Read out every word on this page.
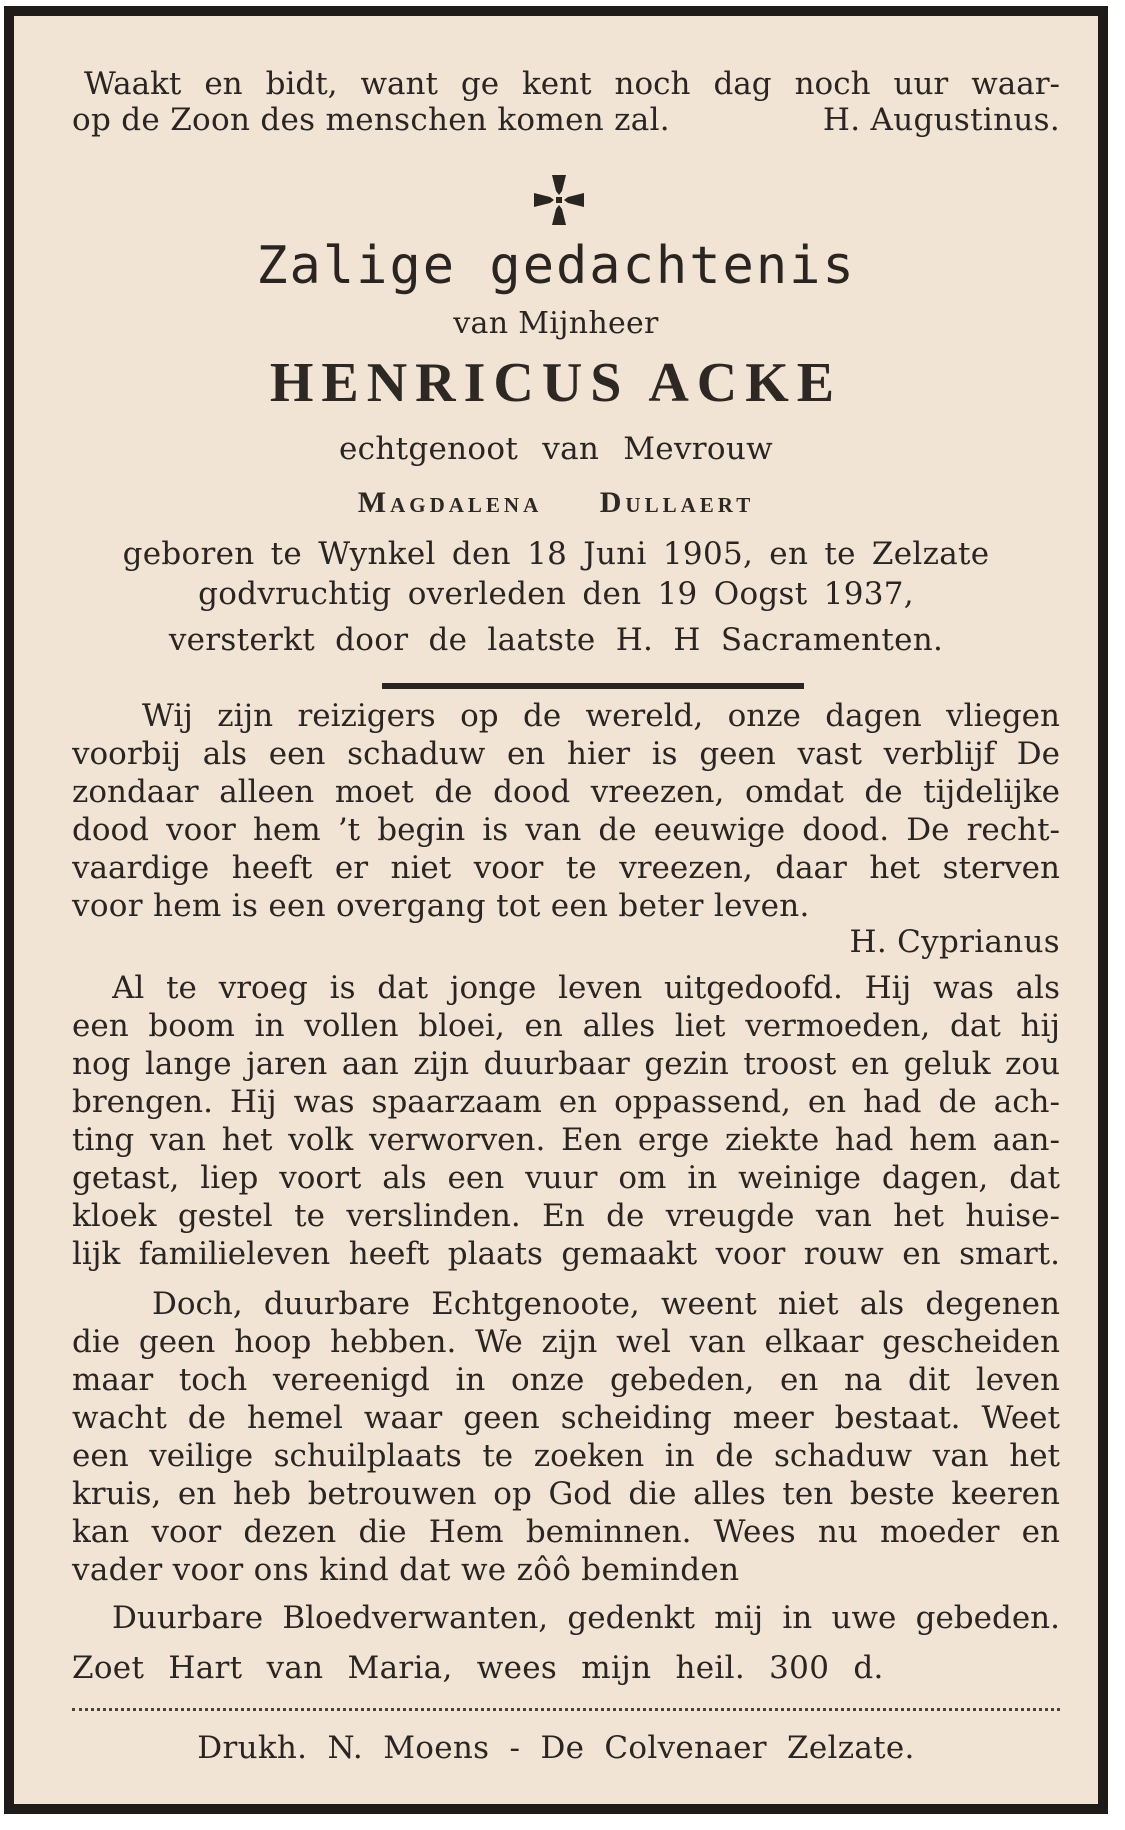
Waakt en bidt, want ge kent noch dag noch uur waar-
op de Zoon des menschen komen zal.	H. Augustinus.
Zalige gedachtenis
van Mijnheer
HENRICUS ACKE
echtgenoot van Mevrouw
Magdalena Dullaert
geboren te Wynkel den 18 Juni 1905, en te Zelzate
godvruchtig overleden den 19 Oogst 1937,
versterkt door de laatste H. H Sacramenten.
Wij zijn reizigers op de wereld, onze dagen vliegen
voorbij als een schaduw en hier is geen vast verblijf De
zondaar alleen moet de dood vreezen, omdat de tijdelijke
dood voor hem ’t begin is van de eeuwige dood. De recht-
vaardige heeft er niet voor te vreezen, daar het sterven
voor hem is een overgang tot een beter leven.
H. Cyprianus
Al te vroeg is dat jonge leven uitgedoofd. Hij was als
een boom in vollen bloei, en alles liet vermoeden, dat hij
nog lange jaren aan zijn duurbaar gezin troost en geluk zou
brengen. Hij was spaarzaam en oppassend, en had de ach-
ting van het volk verworven. Een erge ziekte had hem aan-
getast, liep voort als een vuur om in weinige dagen, dat
kloek gestel te verslinden. En de vreugde van het huise-
lijk familieleven heeft plaats gemaakt voor rouw en smart.
Doch, duurbare Echtgenoote, weent niet als degenen
die geen hoop hebben. We zijn wel van elkaar gescheiden
maar toch vereenigd in onze gebeden, en na dit leven
wacht de hemel waar geen scheiding meer bestaat. Weet
een veilige schuilplaats te zoeken in de schaduw van het
kruis, en heb betrouwen op God die alles ten beste keeren
kan voor dezen die Hem beminnen. Wees nu moeder en
vader voor ons kind dat we zôô beminden
Duurbare Bloedverwanten, gedenkt mij in uwe gebeden.
Zoet Hart van Maria, wees mijn heil. 300 d.
Drukh. N. Moens - De Colvenaer Zelzate.
